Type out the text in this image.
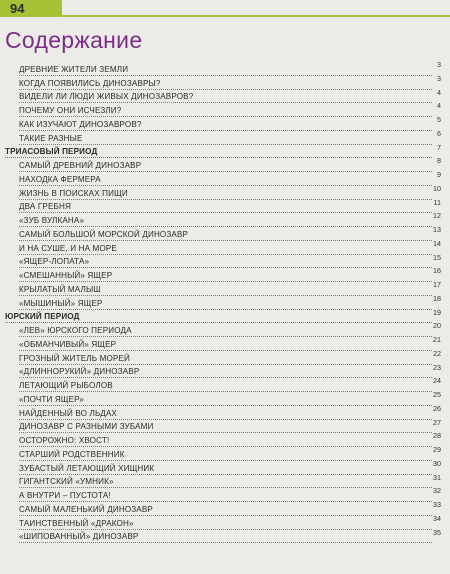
94
Содержание
ДРЕВНИЕ ЖИТЕЛИ ЗЕМЛИ
3
КОГДА ПОЯВИЛИСЬ ДИНОЗАВРЫ?
3
ВИДЕЛИ ЛИ ЛЮДИ ЖИВЫХ ДИНОЗАВРОВ?
4
ПОЧЕМУ ОНИ ИСЧЕЗЛИ?
4
КАК ИЗУЧАЮТ ДИНОЗАВРОВ?
5
ТАКИЕ РАЗНЫЕ
6
ТРИАСОВЫЙ ПЕРИОД
7
САМЫЙ ДРЕВНИЙ ДИНОЗАВР
8
НАХОДКА ФЕРМЕРА
9
ЖИЗНЬ В ПОИСКАХ ПИЩИ
10
ДВА ГРЕБНЯ
11
«ЗУБ ВУЛКАНА»
12
САМЫЙ БОЛЬШОЙ МОРСКОЙ ДИНОЗАВР
13
И НА СУШЕ, И НА МОРЕ
14
«ЯЩЕР-ЛОПАТА»
15
«СМЕШАННЫЙ» ЯЩЕР
16
КРЫЛАТЫЙ МАЛЫШ
17
«МЫШИНЫЙ» ЯЩЕР
18
ЮРСКИЙ ПЕРИОД
19
«ЛЕВ» ЮРСКОГО ПЕРИОДА
20
«ОБМАНЧИВЫЙ» ЯЩЕР
21
ГРОЗНЫЙ ЖИТЕЛЬ МОРЕЙ
22
«ДЛИННОРУКИЙ» ДИНОЗАВР
23
ЛЕТАЮЩИЙ РЫБОЛОВ
24
«ПОЧТИ ЯЩЕР»
25
НАЙДЕННЫЙ ВО ЛЬДАХ
26
ДИНОЗАВР С РАЗНЫМИ ЗУБАМИ
27
ОСТОРОЖНО: ХВОСТ!
28
СТАРШИЙ РОДСТВЕННИК
29
ЗУБАСТЫЙ ЛЕТАЮЩИЙ ХИЩНИК
30
ГИГАНТСКИЙ «УМНИК»
31
А ВНУТРИ – ПУСТОТА!
32
САМЫЙ МАЛЕНЬКИЙ ДИНОЗАВР
33
ТАИНСТВЕННЫЙ «ДРАКОН»
34
«ШИПОВАННЫЙ» ДИНОЗАВР
35
